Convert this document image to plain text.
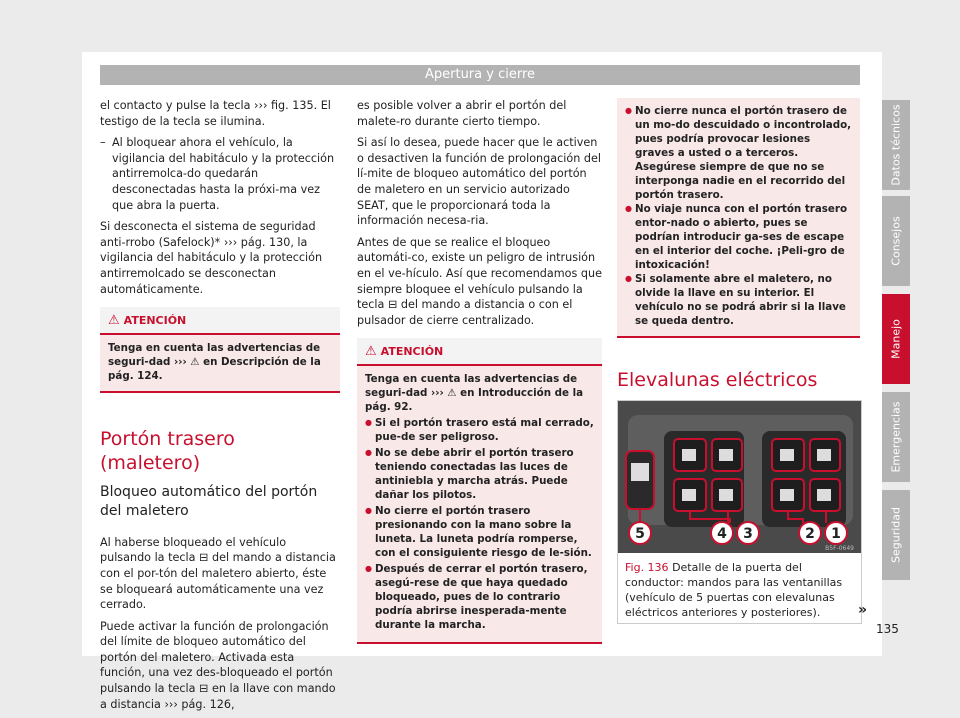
Apertura y cierre

el contacto y pulse la tecla ››› fig. 135. El testigo de la tecla se ilumina.

– Al bloquear ahora el vehículo, la vigilancia del habitáculo y la protección antirremolca-do quedarán desconectadas hasta la próxi-ma vez que abra la puerta.

Si desconecta el sistema de seguridad anti-rrobo (Safelock)* ››› pág. 130, la vigilancia del habitáculo y la protección antirremolcado se desconectan automáticamente.

⚠ ATENCIÓN
Tenga en cuenta las advertencias de seguri-dad ››› ⚠ en Descripción de la pág. 124.
Portón trasero (maletero)
Bloqueo automático del portón del maletero

Al haberse bloqueado el vehículo pulsando la tecla ⊟ del mando a distancia con el por-tón del maletero abierto, éste se bloqueará automáticamente una vez cerrado.

Puede activar la función de prolongación del límite de bloqueo automático del portón del maletero. Activada esta función, una vez des-bloqueado el portón pulsando la tecla ⊟ en la llave con mando a distancia ››› pág. 126,

es posible volver a abrir el portón del malete-ro durante cierto tiempo.

Si así lo desea, puede hacer que le activen o desactiven la función de prolongación del lí-mite de bloqueo automático del portón de maletero en un servicio autorizado SEAT, que le proporcionará toda la información necesa-ria.

Antes de que se realice el bloqueo automáti-co, existe un peligro de intrusión en el ve-hículo. Así que recomendamos que siempre bloquee el vehículo pulsando la tecla ⊟ del mando a distancia o con el pulsador de cierre centralizado.

⚠ ATENCIÓN
Tenga en cuenta las advertencias de seguri-dad ››› ⚠ en Introducción de la pág. 92.
● Si el portón trasero está mal cerrado, pue-de ser peligroso.
● No se debe abrir el portón trasero teniendo conectadas las luces de antiniebla y marcha atrás. Puede dañar los pilotos.
● No cierre el portón trasero presionando con la mano sobre la luneta. La luneta podría romperse, con el consiguiente riesgo de le-sión.
● Después de cerrar el portón trasero, asegú-rese de que haya quedado bloqueado, pues de lo contrario podría abrirse inesperada-mente durante la marcha.
● No cierre nunca el portón trasero de un mo-do descuidado o incontrolado, pues podría provocar lesiones graves a usted o a terceros. Asegúrese siempre de que no se interponga nadie en el recorrido del portón trasero.
● No viaje nunca con el portón trasero entor-nado o abierto, pues se podrían introducir ga-ses de escape en el interior del coche. ¡Peli-gro de intoxicación!
● Si solamente abre el maletero, no olvide la llave en su interior. El vehículo no se podrá abrir si la llave se queda dentro.
Elevalunas eléctricos
5	4 3	2 1
B5F-0649
Fig. 136 Detalle de la puerta del conductor: mandos para las ventanillas (vehículo de 5 puertas con elevalunas eléctricos anteriores y posteriores).	»
Datos técnicos
Consejos
Manejo
Emergencias
Seguridad
135
